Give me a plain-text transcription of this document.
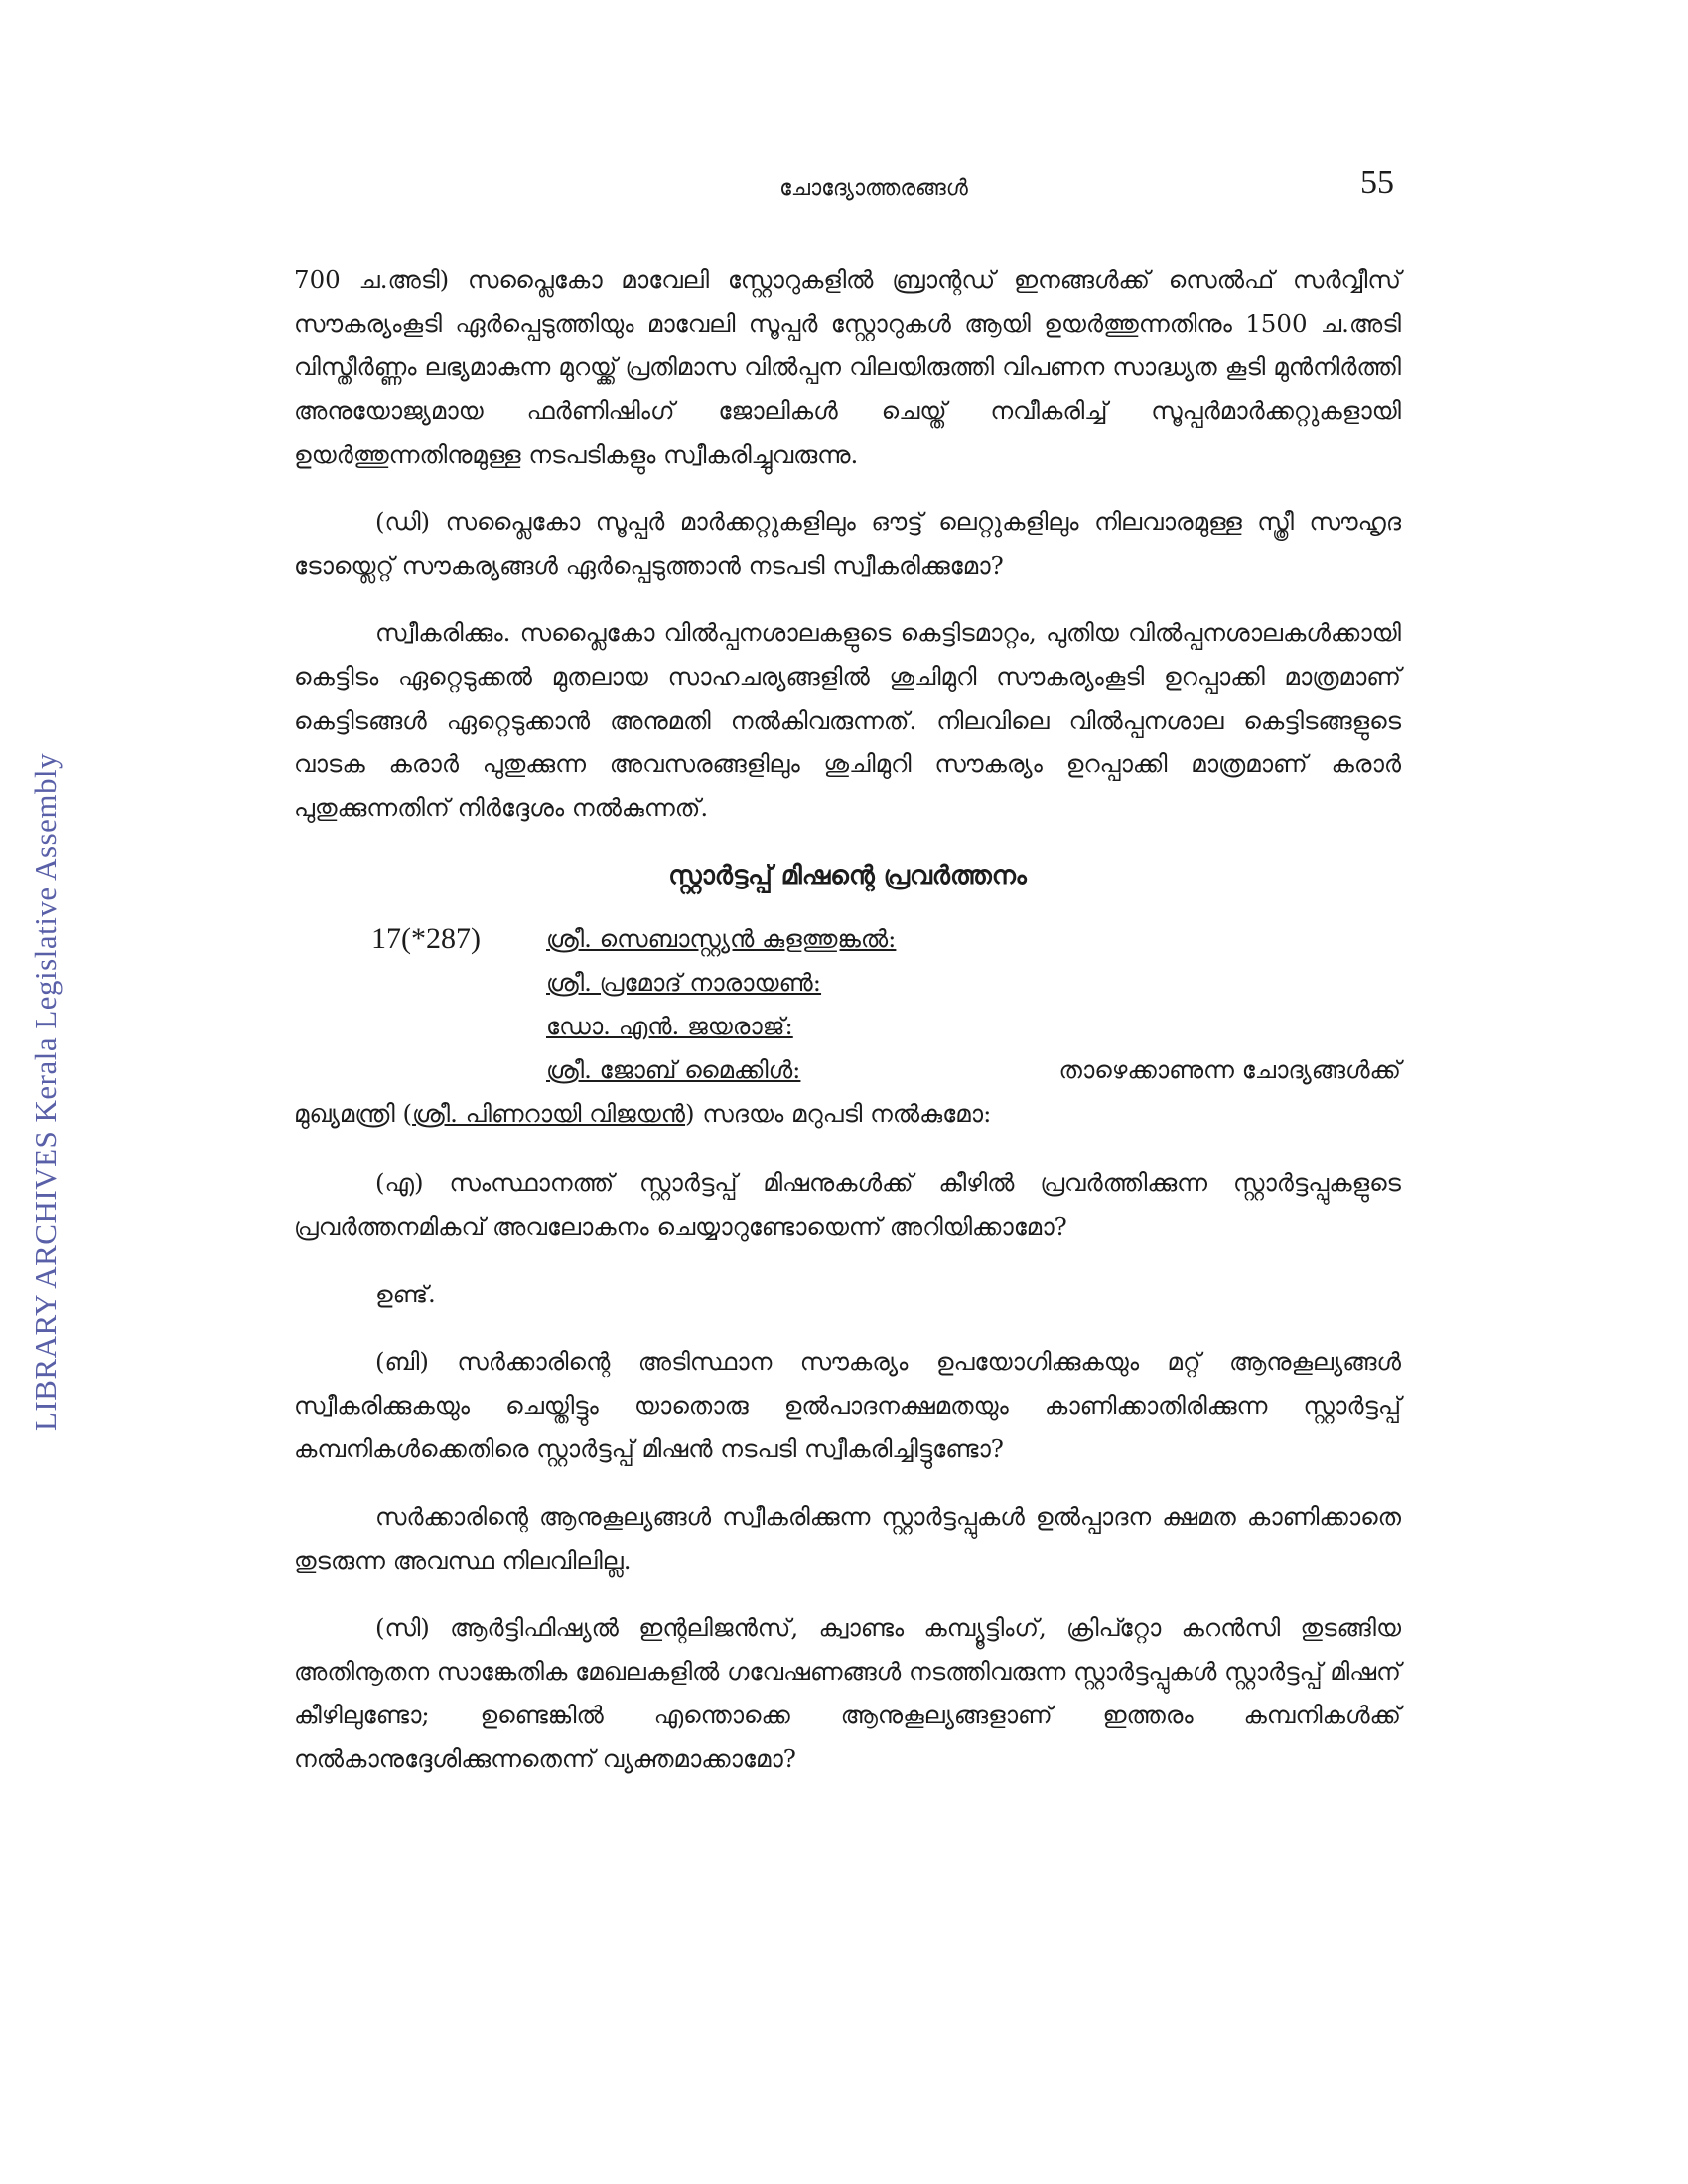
LIBRARY ARCHIVES Kerala Legislative Assembly
ചോദ്യോത്തരങ്ങൾ	55

700 ച.അടി) സപ്ലൈകോ മാവേലി സ്റ്റോറുകളിൽ ബ്രാന്റഡ് ഇനങ്ങൾക്ക് സെൽഫ് സർവ്വീസ് സൗകര്യംകൂടി ഏർപ്പെടുത്തിയും മാവേലി സൂപ്പർ സ്റ്റോറുകൾ ആയി ഉയർത്തുന്നതിനും 1500 ച.അടി വിസ്തീർണ്ണം ലഭ്യമാകുന്ന മുറയ്ക്ക് പ്രതിമാസ വിൽപ്പന വിലയിരുത്തി വിപണന സാദ്ധ്യത കൂടി മുൻനിർത്തി അനുയോജ്യമായ ഫർണിഷിംഗ് ജോലികൾ ചെയ്ത് നവീകരിച്ച് സൂപ്പർമാർക്കറ്റുകളായി ഉയർത്തുന്നതിനുമുള്ള നടപടികളും സ്വീകരിച്ചുവരുന്നു.

(ഡി) സപ്ലൈകോ സൂപ്പർ മാർക്കറ്റുകളിലും ഔട്ട് ലെറ്റുകളിലും നിലവാരമുള്ള സ്ത്രീ സൗഹൃദ ടോയ്ലെറ്റ് സൗകര്യങ്ങൾ ഏർപ്പെടുത്താൻ നടപടി സ്വീകരിക്കുമോ?

സ്വീകരിക്കും. സപ്ലൈകോ വിൽപ്പനശാലകളുടെ കെട്ടിടമാറ്റം, പുതിയ വിൽപ്പനശാലകൾക്കായി കെട്ടിടം ഏറ്റെടുക്കൽ മുതലായ സാഹചര്യങ്ങളിൽ ശുചിമുറി സൗകര്യംകൂടി ഉറപ്പാക്കി മാത്രമാണ് കെട്ടിടങ്ങൾ ഏറ്റെടുക്കാൻ അനുമതി നൽകിവരുന്നത്. നിലവിലെ വിൽപ്പനശാല കെട്ടിടങ്ങളുടെ വാടക കരാർ പുതുക്കുന്ന അവസരങ്ങളിലും ശുചിമുറി സൗകര്യം ഉറപ്പാക്കി മാത്രമാണ് കരാർ പുതുക്കുന്നതിന് നിർദ്ദേശം നൽകുന്നത്.

സ്റ്റാർട്ടപ്പ് മിഷന്റെ പ്രവർത്തനം
17(*287)	ശ്രീ. സെബാസ്റ്റ്യൻ കുളത്തുങ്കൽ:
ശ്രീ. പ്രമോദ് നാരായൺ:
ഡോ. എൻ. ജയരാജ്:
ശ്രീ. ജോബ് മൈക്കിൾ:	താഴെക്കാണുന്ന ചോദ്യങ്ങൾക്ക്

മുഖ്യമന്ത്രി (ശ്രീ. പിണറായി വിജയൻ) സദയം മറുപടി നൽകുമോ:

(എ) സംസ്ഥാനത്ത് സ്റ്റാർട്ടപ്പ് മിഷനുകൾക്ക് കീഴിൽ പ്രവർത്തിക്കുന്ന സ്റ്റാർട്ടപ്പുകളുടെ പ്രവർത്തനമികവ് അവലോകനം ചെയ്യാറുണ്ടോയെന്ന് അറിയിക്കാമോ?

ഉണ്ട്.

(ബി) സർക്കാരിന്റെ അടിസ്ഥാന സൗകര്യം ഉപയോഗിക്കുകയും മറ്റ് ആനുകൂല്യങ്ങൾ സ്വീകരിക്കുകയും ചെയ്തിട്ടും യാതൊരു ഉൽപാദനക്ഷമതയും കാണിക്കാതിരിക്കുന്ന സ്റ്റാർട്ടപ്പ് കമ്പനികൾക്കെതിരെ സ്റ്റാർട്ടപ്പ് മിഷൻ നടപടി സ്വീകരിച്ചിട്ടുണ്ടോ?

സർക്കാരിന്റെ ആനുകൂല്യങ്ങൾ സ്വീകരിക്കുന്ന സ്റ്റാർട്ടപ്പുകൾ ഉൽപ്പാദന ക്ഷമത കാണിക്കാതെ തുടരുന്ന അവസ്ഥ നിലവിലില്ല.

(സി) ആർട്ടിഫിഷ്യൽ ഇന്റലിജൻസ്, ക്വാണ്ടം കമ്പ്യൂട്ടിംഗ്, ക്രിപ്റ്റോ കറൻസി തുടങ്ങിയ അതിനൂതന സാങ്കേതിക മേഖലകളിൽ ഗവേഷണങ്ങൾ നടത്തിവരുന്ന സ്റ്റാർട്ടപ്പുകൾ സ്റ്റാർട്ടപ്പ് മിഷന് കീഴിലുണ്ടോ; ഉണ്ടെങ്കിൽ എന്തൊക്കെ ആനുകൂല്യങ്ങളാണ് ഇത്തരം കമ്പനികൾക്ക് നൽകാനുദ്ദേശിക്കുന്നതെന്ന് വ്യക്തമാക്കാമോ?
